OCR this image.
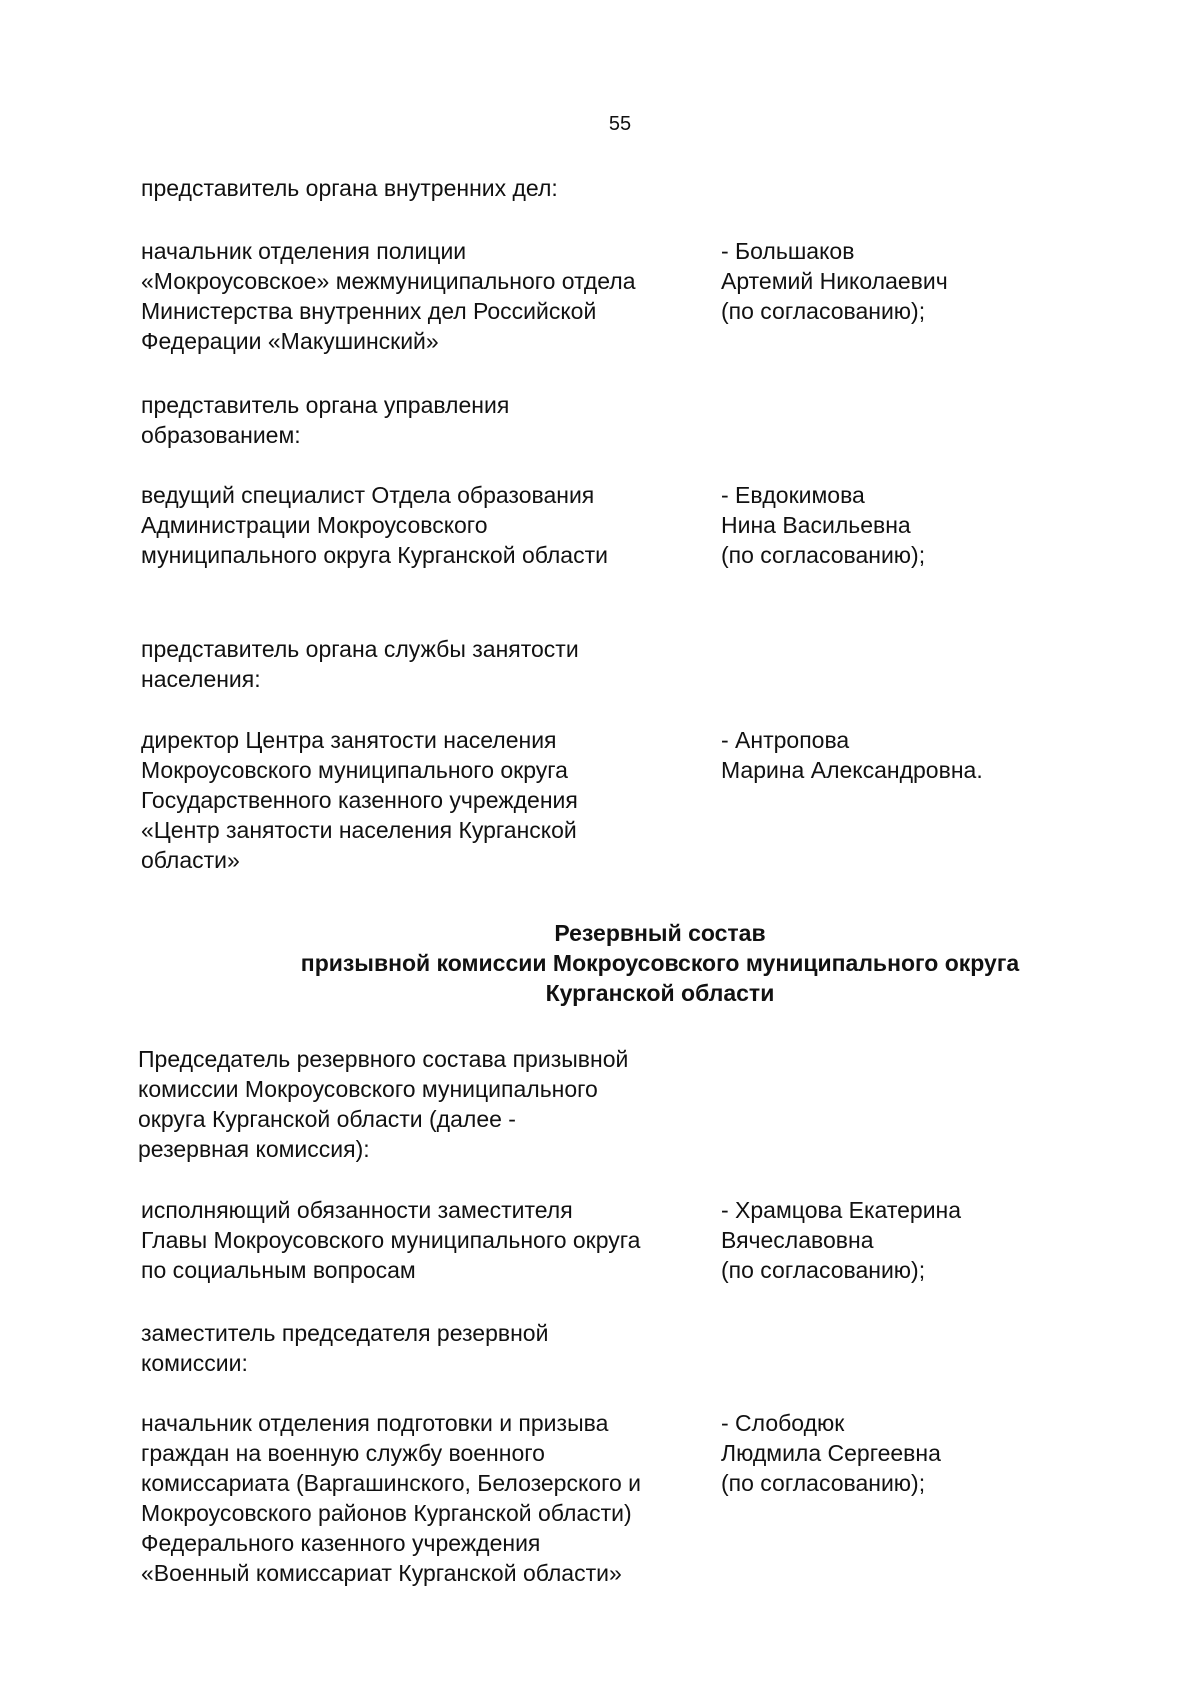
55
представитель органа внутренних дел:
начальник отделения полиции
«Мокроусовское» межмуниципального отдела
Министерства внутренних дел Российской
Федерации «Макушинский»
- Большаков
Артемий Николаевич
(по согласованию);
представитель органа управления
образованием:
ведущий специалист Отдела образования
Администрации Мокроусовского
муниципального округа Курганской области
- Евдокимова
Нина Васильевна
(по согласованию);
представитель органа службы занятости
населения:
директор Центра занятости населения
Мокроусовского муниципального округа
Государственного казенного учреждения
«Центр занятости населения Курганской
области»
- Антропова
Марина Александровна.
Резервный состав
призывной комиссии Мокроусовского муниципального округа
Курганской области
Председатель резервного состава призывной
комиссии Мокроусовского муниципального
округа Курганской области (далее -
резервная комиссия):
исполняющий обязанности заместителя
Главы Мокроусовского муниципального округа
по социальным вопросам
- Храмцова Екатерина
Вячеславовна
(по согласованию);
заместитель председателя резервной
комиссии:
начальник отделения подготовки и призыва
граждан на военную службу военного
комиссариата (Варгашинского, Белозерского и
Мокроусовского районов Курганской области)
Федерального казенного учреждения
«Военный комиссариат Курганской области»
- Слободюк
Людмила Сергеевна
(по согласованию);
